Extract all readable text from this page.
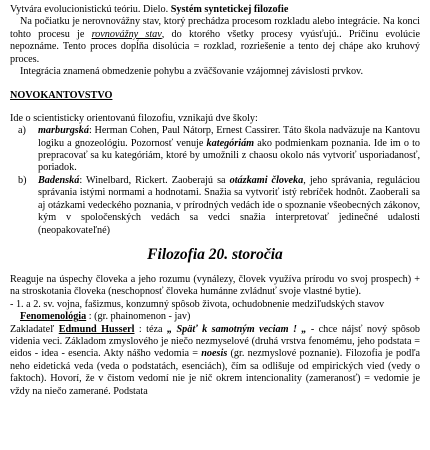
Vytvára evolucionistickú teóriu. Dielo. Systém syntetickej filozofie

Na počiatku je nerovnovážny stav, ktorý prechádza procesom rozkladu alebo integrácie. Na konci tohto procesu je rovnovážny stav, do ktorého všetky procesy vyúsťujú.. Príčinu evolúcie nepoznáme. Tento proces dopĺňa disolúcia = rozklad, rozriešenie a tento dej chápe ako kruhový proces.

Integrácia znamená obmedzenie pohybu a zväčšovanie vzájomnej závislosti prvkov.

NOVOKANTOVSTVO

Ide o scientisticky orientovanú filozofiu, vznikajú dve školy:

a)	marburgská: Herman Cohen, Paul Nátorp, Ernest Cassirer. Táto škola nadväzuje na Kantovu logiku a gnozeológiu. Pozornosť venuje kategóriám ako podmienkam poznania. Ide im o to prepracovať sa ku kategóriám, ktoré by umožnili z chaosu okolo nás vytvoriť usporiadanosť, poriadok.
b)	Badenská: Winelbard, Rickert. Zaoberajú sa otázkami človeka, jeho správania, reguláciou správania istými normami a hodnotami. Snažia sa vytvoriť istý rebríček hodnôt. Zaoberali sa aj otázkami vedeckého poznania, v prírodných vedách ide o spoznanie všeobecných zákonov, kým v spoločenských vedách sa vedci snažia interpretovať jedinečné udalosti (neopakovateľné)

Filozofia 20. storočia

Reaguje na úspechy človeka a jeho rozumu (vynálezy, človek využíva prírodu vo svoj prospech) + na stroskotania človeka (neschopnosť človeka humánne zvládnuť svoje vlastné bytie).

- 1. a 2. sv. vojna, fašizmus, konzumný spôsob života, ochudobnenie medziľudských stavov

Fenomenológia : (gr. phainomenon - jav)

Zakladateľ Edmund Husserl : téza „ Späť k samotným veciam ! „ - chce nájsť nový spôsob videnia veci. Základom zmyslového je niečo nezmyselové (druhá vrstva fenomému, jeho podstata = eidos - idea - esencia. Akty nášho vedomia = noesis (gr. nezmyslové poznanie). Filozofia je podľa neho eidetická veda (veda o podstatách, esenciách), čím sa odlišuje od empirických vied (vedy o faktoch). Hovorí, že v čistom vedomí nie je nič okrem intencionality (zameranosť) = vedomie je vždy na niečo zamerané. Podstata
